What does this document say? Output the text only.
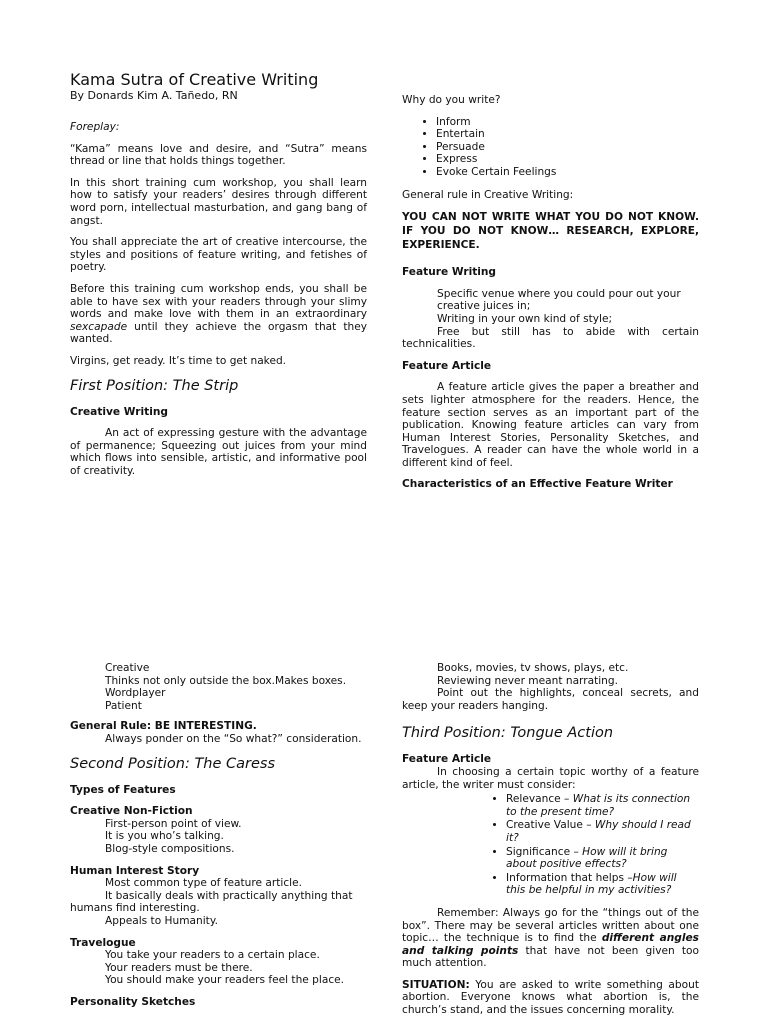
Kama Sutra of Creative Writing
By Donards Kim A. Tañedo, RN

Foreplay:

“Kama” means love and desire, and “Sutra” means thread or line that holds things together.

In this short training cum workshop, you shall learn how to satisfy your readers’ desires through different word porn, intellectual masturbation, and gang bang of angst.

You shall appreciate the art of creative intercourse, the styles and positions of feature writing, and fetishes of poetry.

Before this training cum workshop ends, you shall be able to have sex with your readers through your slimy words and make love with them in an extraordinary sexcapade until they achieve the orgasm that they wanted.

Virgins, get ready. It’s time to get naked.

First Position: The Strip

Creative Writing

An act of expressing gesture with the advantage of permanence; Squeezing out juices from your mind which flows into sensible, artistic, and informative pool of creativity.

Why do you write?

• Inform
• Entertain
• Persuade
• Express
• Evoke Certain Feelings

General rule in Creative Writing:

YOU CAN NOT WRITE WHAT YOU DO NOT KNOW. IF YOU DO NOT KNOW… RESEARCH, EXPLORE, EXPERIENCE.

Feature Writing

Specific venue where you could pour out your creative juices in;
Writing in your own kind of style;

Free but still has to abide with certain technicalities.

Feature Article

A feature article gives the paper a breather and sets lighter atmosphere for the readers. Hence, the feature section serves as an important part of the publication. Knowing feature articles can vary from Human Interest Stories, Personality Sketches, and Travelogues. A reader can have the whole world in a different kind of feel.

Characteristics of an Effective Feature Writer

Creative
Thinks not only outside the box.Makes boxes.
Wordplayer
Patient
General Rule: BE INTERESTING.
Always ponder on the “So what?” consideration.
Second Position: The Caress

Types of Features

Creative Non-Fiction
First-person point of view.
It is you who’s talking.
Blog-style compositions.
Human Interest Story
Most common type of feature article.
It basically deals with practically anything that humans find interesting.
Appeals to Humanity.
Travelogue
You take your readers to a certain place.
Your readers must be there.
You should make your readers feel the place.
Personality Sketches
Books, movies, tv shows, plays, etc.
Reviewing never meant narrating.

Point out the highlights, conceal secrets, and keep your readers hanging.

Third Position: Tongue Action
Feature Article

In choosing a certain topic worthy of a feature article, the writer must consider:

• Relevance – What is its connection to the present time?
• Creative Value – Why should I read it?
• Significance – How will it bring about positive effects?
• Information that helps –How will this be helpful in my activities?

Remember: Always go for the “things out of the box”. There may be several articles written about one topic… the technique is to find the different angles and talking points that have not been given too much attention.

SITUATION: You are asked to write something about abortion. Everyone knows what abortion is, the church’s stand, and the issues concerning morality.
